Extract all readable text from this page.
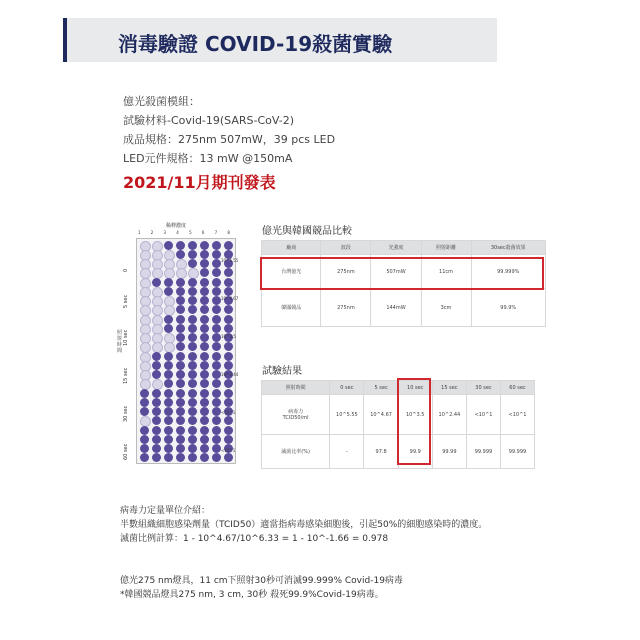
消毒驗證 COVID-19殺菌實驗
億光殺菌模組：
試驗材料-Covid-19(SARS-CoV-2)
成品規格：275nm 507mW，39 pcs LED
LED元件規格：13 mW @150mA
2021/11月期刊發表
稀釋濃度
1	2	3	4	5	6	7	8
0
5 sec
10 sec
15 sec
30 sec
60 sec
10^5.55
10^4.67
10^3.5
10^2.44
<10^1
<10^1
照射時間
億光與韓國競品比較
廠商	波段	光強度	照射距離	30sec殺菌效果
台灣億光	275nm	507mW	11cm	99.999%
韓國競品	275nm	144mW	3cm	99.9%
試驗結果
照射時間	0 sec	5 sec	10 sec	15 sec	30 sec	60 sec

病毒力
TCID50/ml	10^5.55	10^4.67	10^3.5	10^2.44	<10^1	<10^1
滅菌比率(%)	-	97.8	99.9	99.99	99.999	99.999
病毒力定量單位介紹：
半數組織細胞感染劑量（TCID50）適當指病毒感染細胞後，引起50%的細胞感染時的濃度。
滅菌比例計算：1 - 10^4.67/10^6.33 = 1 - 10^-1.66 = 0.978
億光275 nm燈具，11 cm下照射30秒可消滅99.999% Covid-19病毒
*韓國競品燈具275 nm, 3 cm, 30秒 殺死99.9%Covid-19病毒。
